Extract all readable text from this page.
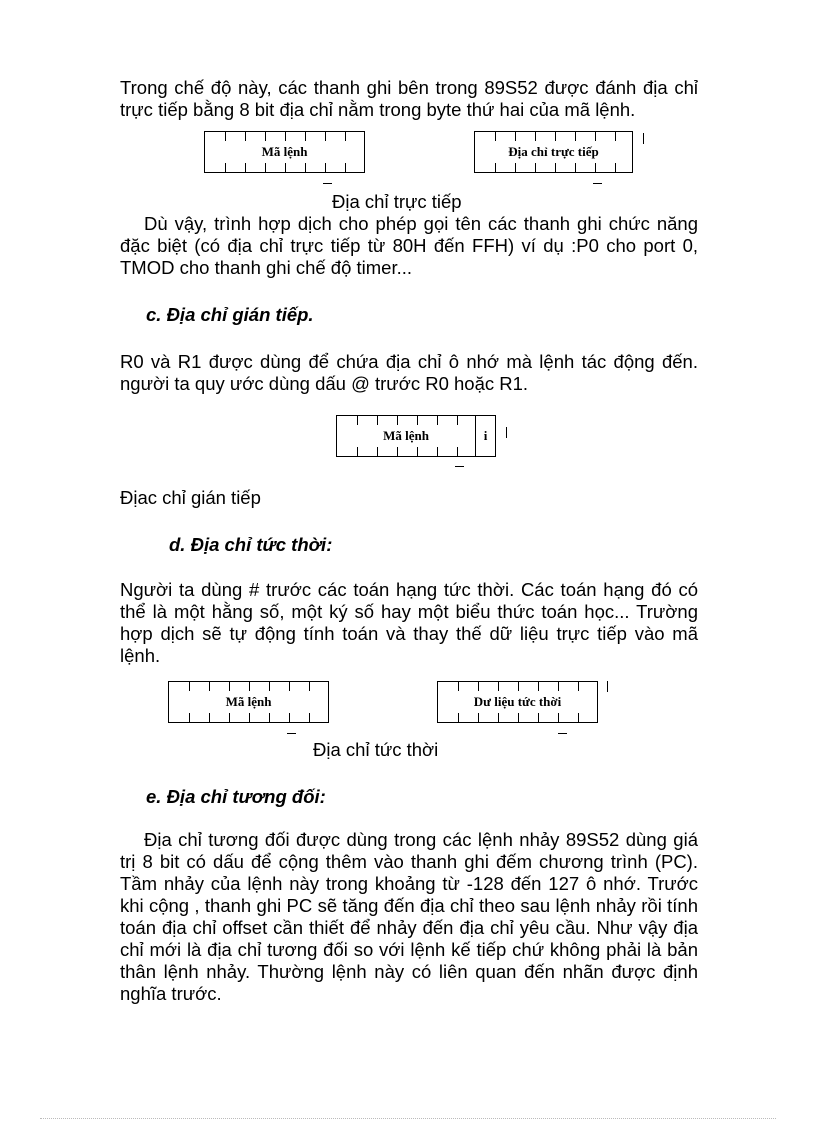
Trong chế độ này, các thanh ghi bên trong 89S52 được đánh địa chỉ trực tiếp bằng 8 bit địa chỉ nằm trong byte thứ hai của mã lệnh.

Mã lệnh	Địa chỉ trực tiếp

Địa chỉ trực tiếp

Dù vậy, trình hợp dịch cho phép gọi tên các thanh ghi chức năng đặc biệt (có địa chỉ trực tiếp từ 80H đến FFH) ví dụ :P0 cho port 0, TMOD cho thanh ghi chế độ timer...

c. Địa chỉ gián tiếp.

R0 và R1 được dùng để chứa địa chỉ ô nhớ mà lệnh tác động đến. người ta quy ước dùng dấu @ trước R0 hoặc R1.

Mã lệnh	i

Địac chỉ gián tiếp

d. Địa chỉ tức thời:

Người ta dùng # trước các toán hạng tức thời. Các toán hạng đó có thể là một hằng số, một ký số hay một biểu thức toán học... Trường hợp dịch sẽ tự động tính toán và thay thế dữ liệu trực tiếp vào mã lệnh.

Mã lệnh	Dư liệu tức thời

Địa chỉ tức thời

e. Địa chỉ tương đối:

Địa chỉ tương đối được dùng trong các lệnh nhảy 89S52 dùng giá trị 8 bit có dấu để cộng thêm vào thanh ghi đếm chương trình (PC). Tầm nhảy của lệnh này trong khoảng từ -128 đến 127 ô nhớ. Trước khi cộng , thanh ghi PC sẽ tăng đến địa chỉ theo sau lệnh nhảy rồi tính toán địa chỉ offset cần thiết để nhảy đến địa chỉ yêu cầu. Như vậy địa chỉ mới là địa chỉ tương đối so với lệnh kế tiếp chứ không phải là bản thân lệnh nhảy. Thường lệnh này có liên quan đến nhãn được định nghĩa trước.
